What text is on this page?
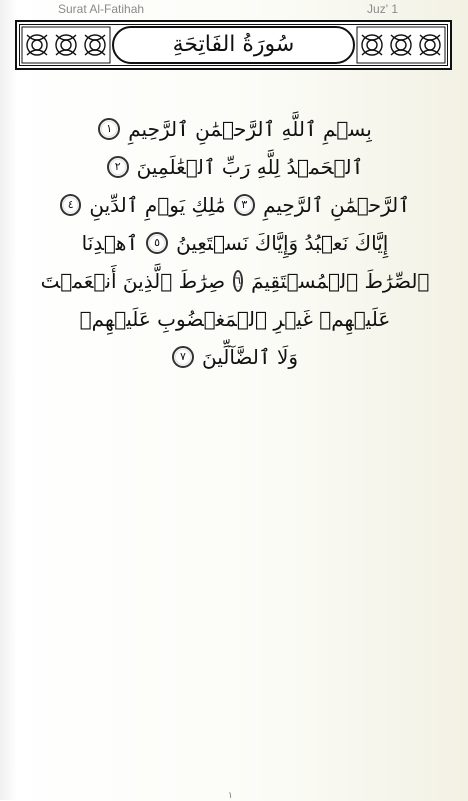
Surat Al-Fatihah	Juz' 1
سُورَةُ الفَاتِحَةِ
بِسۡمِ ٱللَّهِ ٱلرَّحۡمَٰنِ ٱلرَّحِيمِ
١
ٱلۡحَمۡدُ لِلَّهِ رَبِّ ٱلۡعَٰلَمِينَ
٢
ٱلرَّحۡمَٰنِ ٱلرَّحِيمِ
٣
مَٰلِكِ يَوۡمِ ٱلدِّينِ
٤
إِيَّاكَ نَعۡبُدُ وَإِيَّاكَ نَسۡتَعِينُ
٥
ٱهۡدِنَا
ٱلصِّرَٰطَ ٱلۡمُسۡتَقِيمَ
٦
صِرَٰطَ ٱلَّذِينَ أَنۡعَمۡتَ
عَلَيۡهِمۡ غَيۡرِ ٱلۡمَغۡضُوبِ عَلَيۡهِمۡ
وَلَا ٱلضَّآلِّينَ
٧
١
